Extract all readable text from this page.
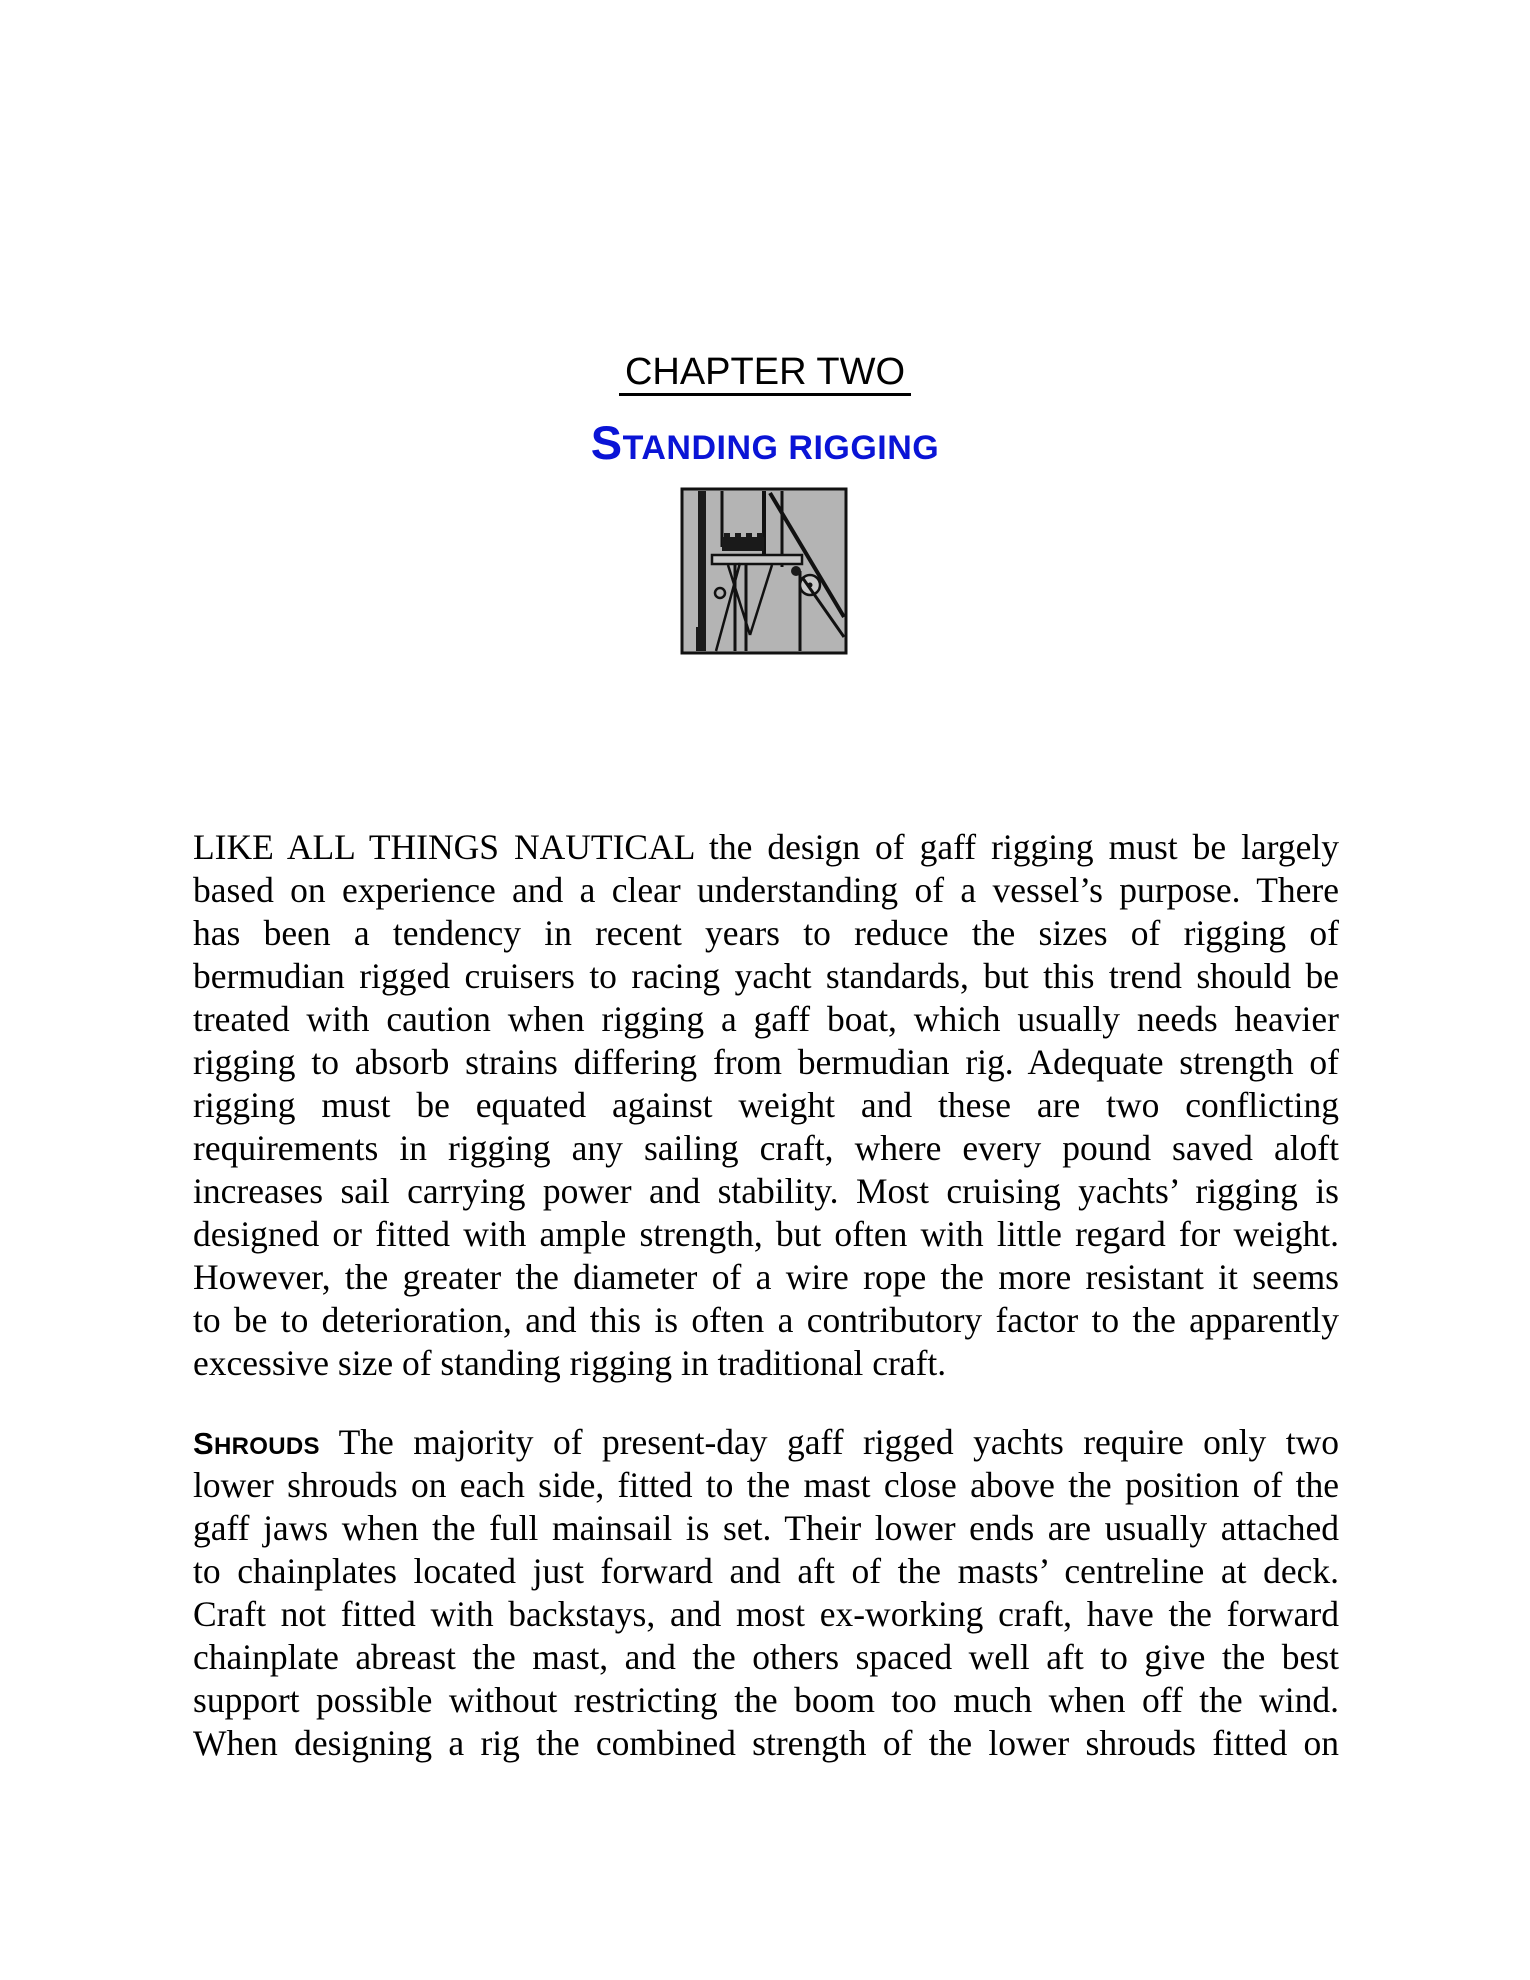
CHAPTER TWO
STANDING RIGGING
LIKE ALL THINGS NAUTICAL the design of gaff rigging must be largely
based on experience and a clear understanding of a vessel’s purpose. There
has been a tendency in recent years to reduce the sizes of rigging of
bermudian rigged cruisers to racing yacht standards, but this trend should be
treated with caution when rigging a gaff boat, which usually needs heavier
rigging to absorb strains differing from bermudian rig. Adequate strength of
rigging must be equated against weight and these are two conflicting
requirements in rigging any sailing craft, where every pound saved aloft
increases sail carrying power and stability. Most cruising yachts’ rigging is
designed or fitted with ample strength, but often with little regard for weight.
However, the greater the diameter of a wire rope the more resistant it seems
to be to deterioration, and this is often a contributory factor to the apparently
excessive size of standing rigging in traditional craft.
SHROUDS The majority of present-day gaff rigged yachts require only two
lower shrouds on each side, fitted to the mast close above the position of the
gaff jaws when the full mainsail is set. Their lower ends are usually attached
to chainplates located just forward and aft of the masts’ centreline at deck.
Craft not fitted with backstays, and most ex-working craft, have the forward
chainplate abreast the mast, and the others spaced well aft to give the best
support possible without restricting the boom too much when off the wind.
When designing a rig the combined strength of the lower shrouds fitted on
